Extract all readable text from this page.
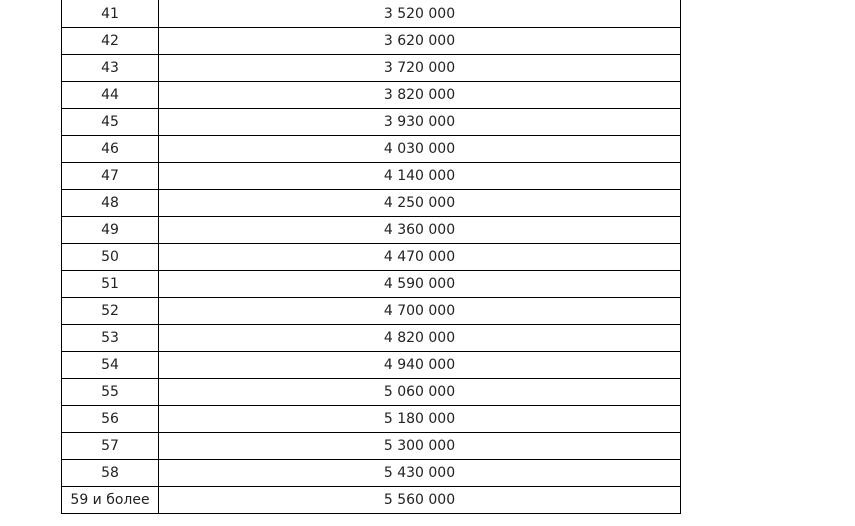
41	3 520 000
42	3 620 000
43	3 720 000
44	3 820 000
45	3 930 000
46	4 030 000
47	4 140 000
48	4 250 000
49	4 360 000
50	4 470 000
51	4 590 000
52	4 700 000
53	4 820 000
54	4 940 000
55	5 060 000
56	5 180 000
57	5 300 000
58	5 430 000
59 и более	5 560 000
